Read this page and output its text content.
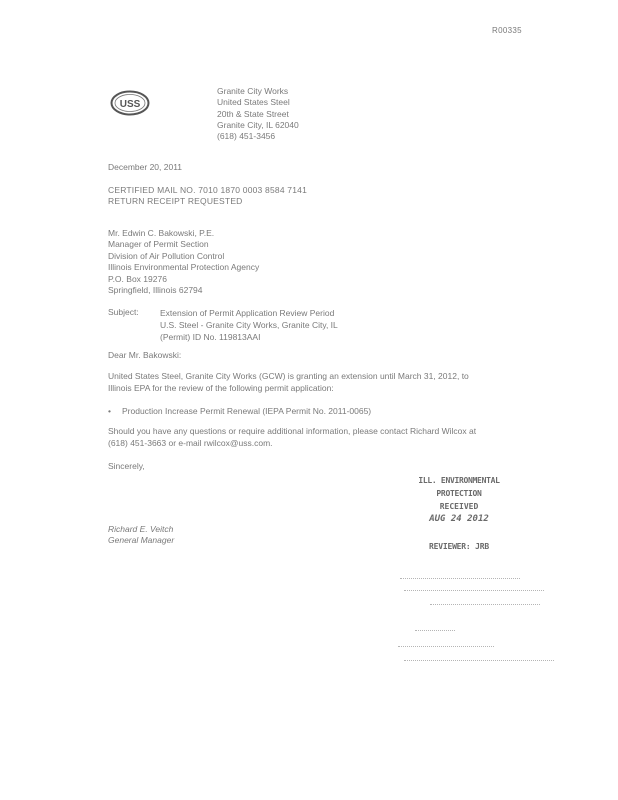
R00335
USS
Granite City Works
United States Steel
20th & State Street
Granite City, IL 62040
(618) 451-3456
December 20, 2011
CERTIFIED MAIL NO. 7010 1870 0003 8584 7141
RETURN RECEIPT REQUESTED
Mr. Edwin C. Bakowski, P.E.
Manager of Permit Section
Division of Air Pollution Control
Illinois Environmental Protection Agency
P.O. Box 19276
Springfield, Illinois 62794
Subject:	Extension of Permit Application Review Period
U.S. Steel - Granite City Works, Granite City, IL
(Permit) ID No. 119813AAI
Dear Mr. Bakowski:
United States Steel, Granite City Works (GCW) is granting an extension until March 31, 2012, to
Illinois EPA for the review of the following permit application:
• Production Increase Permit Renewal (IEPA Permit No. 2011-0065)
Should you have any questions or require additional information, please contact Richard Wilcox at
(618) 451-3663 or e-mail rwilcox@uss.com.
Sincerely,
Richard E. Veitch
General Manager
ILL. ENVIRONMENTAL PROTECTION
RECEIVED
AUG 24 2012
REVIEWER: JRB
